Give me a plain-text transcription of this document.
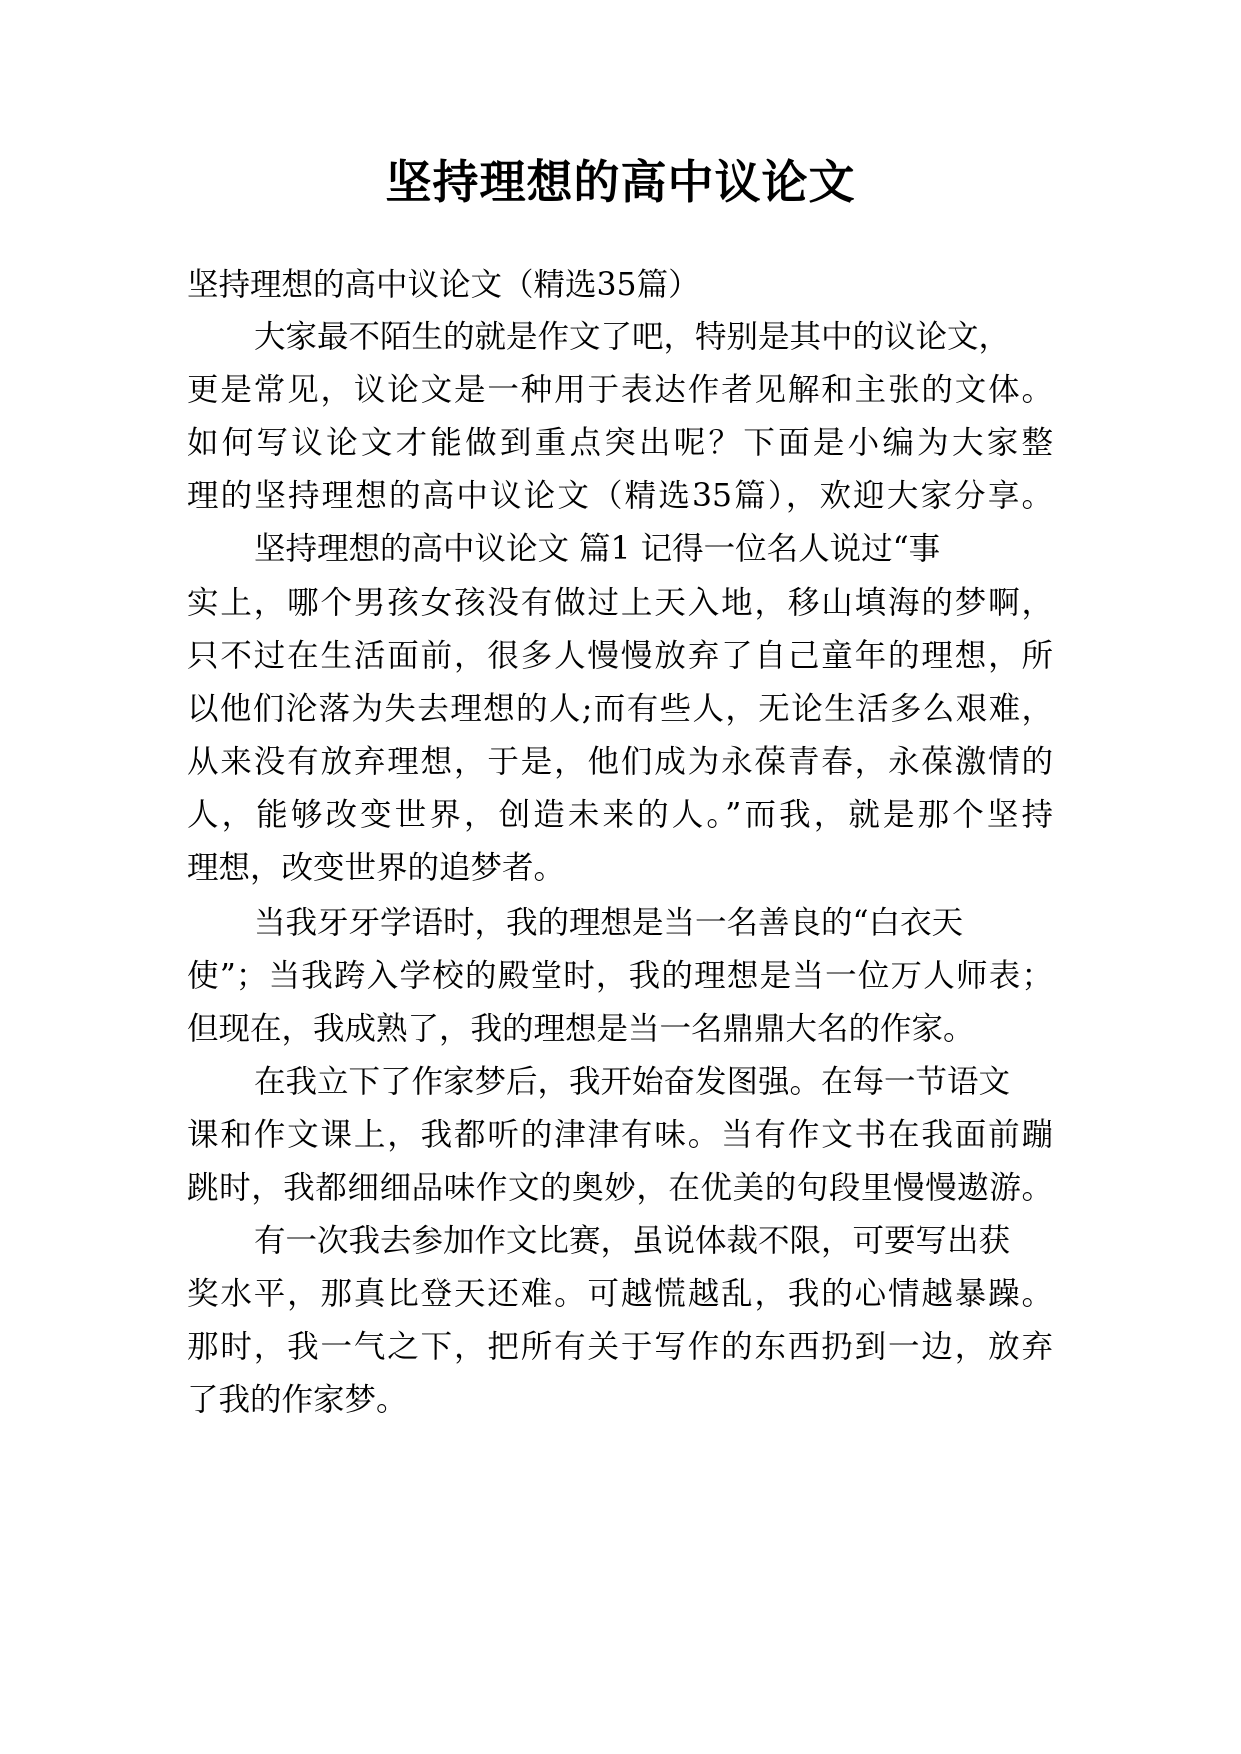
坚持理想的高中议论文
坚持理想的高中议论文（精选35篇）
大家最不陌生的就是作文了吧，特别是其中的议论文，
更是常见，议论文是一种用于表达作者见解和主张的文体。
如何写议论文才能做到重点突出呢？下面是小编为大家整
理的坚持理想的高中议论文（精选35篇），欢迎大家分享。
坚持理想的高中议论文 篇1 记得一位名人说过“事
实上，哪个男孩女孩没有做过上天入地，移山填海的梦啊，
只不过在生活面前，很多人慢慢放弃了自己童年的理想，所
以他们沦落为失去理想的人;而有些人，无论生活多么艰难，
从来没有放弃理想，于是，他们成为永葆青春，永葆激情的
人，能够改变世界，创造未来的人。”而我，就是那个坚持
理想，改变世界的追梦者。
当我牙牙学语时，我的理想是当一名善良的“白衣天
使”；当我跨入学校的殿堂时，我的理想是当一位万人师表；
但现在，我成熟了，我的理想是当一名鼎鼎大名的作家。
在我立下了作家梦后，我开始奋发图强。在每一节语文
课和作文课上，我都听的津津有味。当有作文书在我面前蹦
跳时，我都细细品味作文的奥妙，在优美的句段里慢慢遨游。
有一次我去参加作文比赛，虽说体裁不限，可要写出获
奖水平，那真比登天还难。可越慌越乱，我的心情越暴躁。
那时，我一气之下，把所有关于写作的东西扔到一边，放弃
了我的作家梦。
